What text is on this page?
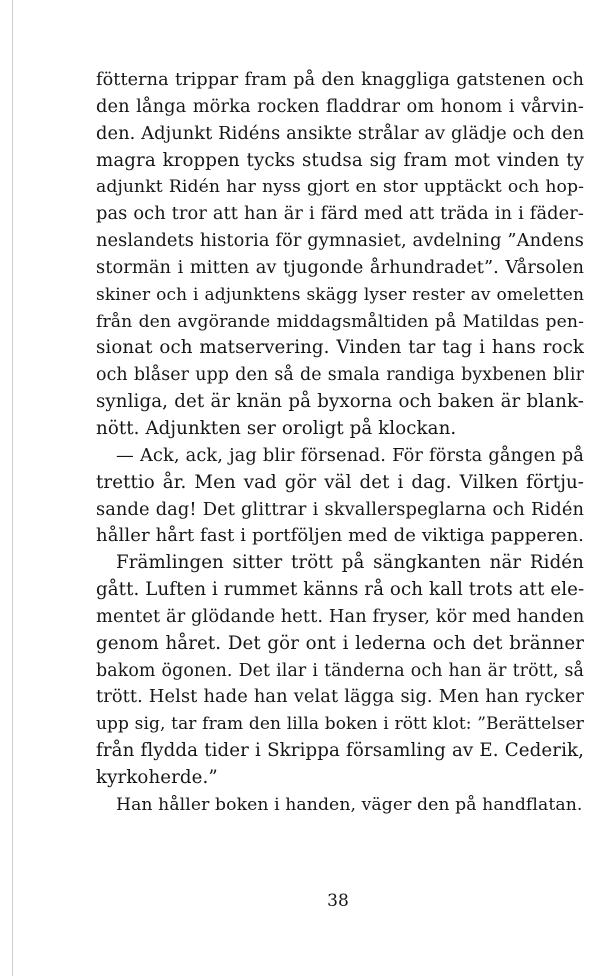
fötterna trippar fram på den knaggliga gatstenen och
den långa mörka rocken fladdrar om honom i vårvin-
den. Adjunkt Ridéns ansikte strålar av glädje och den
magra kroppen tycks studsa sig fram mot vinden ty
adjunkt Ridén har nyss gjort en stor upptäckt och hop-
pas och tror att han är i färd med att träda in i fäder-
neslandets historia för gymnasiet, avdelning ”Andens
stormän i mitten av tjugonde århundradet”. Vårsolen
skiner och i adjunktens skägg lyser rester av omeletten
från den avgörande middagsmåltiden på Matildas pen-
sionat och matservering. Vinden tar tag i hans rock
och blåser upp den så de smala randiga byxbenen blir
synliga, det är knän på byxorna och baken är blank-
nött. Adjunkten ser oroligt på klockan.
— Ack, ack, jag blir försenad. För första gången på
trettio år. Men vad gör väl det i dag. Vilken förtju-
sande dag! Det glittrar i skvallerspeglarna och Ridén
håller hårt fast i portföljen med de viktiga papperen.
Främlingen sitter trött på sängkanten när Ridén
gått. Luften i rummet känns rå och kall trots att ele-
mentet är glödande hett. Han fryser, kör med handen
genom håret. Det gör ont i lederna och det bränner
bakom ögonen. Det ilar i tänderna och han är trött, så
trött. Helst hade han velat lägga sig. Men han rycker
upp sig, tar fram den lilla boken i rött klot: ”Berättelser
från flydda tider i Skrippa församling av E. Cederik,
kyrkoherde.”
Han håller boken i handen, väger den på handflatan.
38
